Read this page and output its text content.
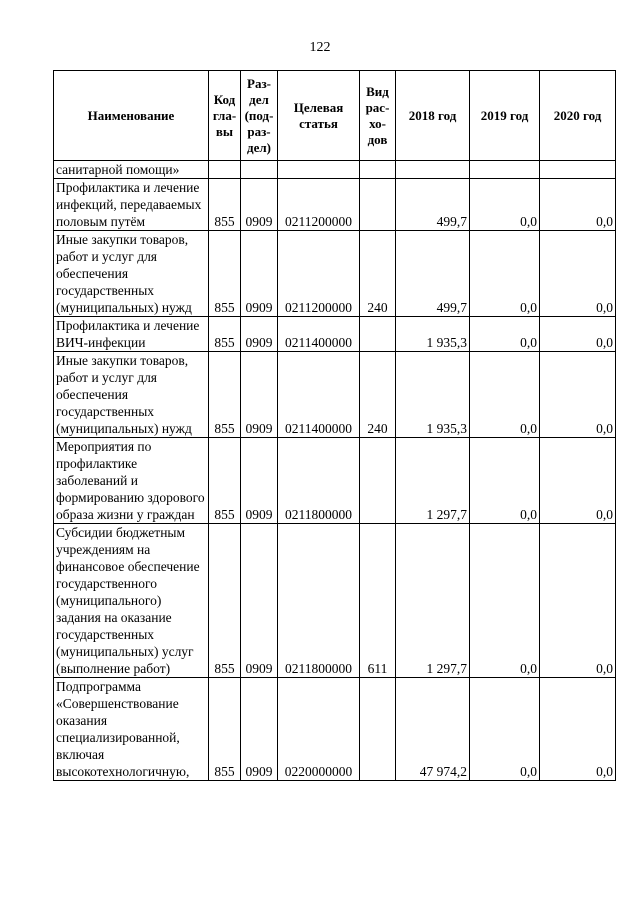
122
Наименование	Код гла-вы	Раз-дел (под-раз-дел)	Целевая статья	Вид рас-хо-дов	2018 год	2019 год	2020 год
санитарной помощи»							
Профилактика и лечение инфекций, передаваемых половым путём	855	0909	0211200000		499,7	0,0	0,0
Иные закупки товаров, работ и услуг для обеспечения государственных (муниципальных) нужд	855	0909	0211200000	240	499,7	0,0	0,0
Профилактика и лечение ВИЧ-инфекции	855	0909	0211400000		1 935,3	0,0	0,0
Иные закупки товаров, работ и услуг для обеспечения государственных (муниципальных) нужд	855	0909	0211400000	240	1 935,3	0,0	0,0
Мероприятия по профилактике заболеваний и формированию здорового образа жизни у граждан	855	0909	0211800000		1 297,7	0,0	0,0
Субсидии бюджетным учреждениям на финансовое обеспечение государственного (муниципального) задания на оказание государственных (муниципальных) услуг (выполнение работ)	855	0909	0211800000	611	1 297,7	0,0	0,0
Подпрограмма «Совершенствование оказания специализированной, включая высокотехнологичную,	855	0909	0220000000		47 974,2	0,0	0,0
